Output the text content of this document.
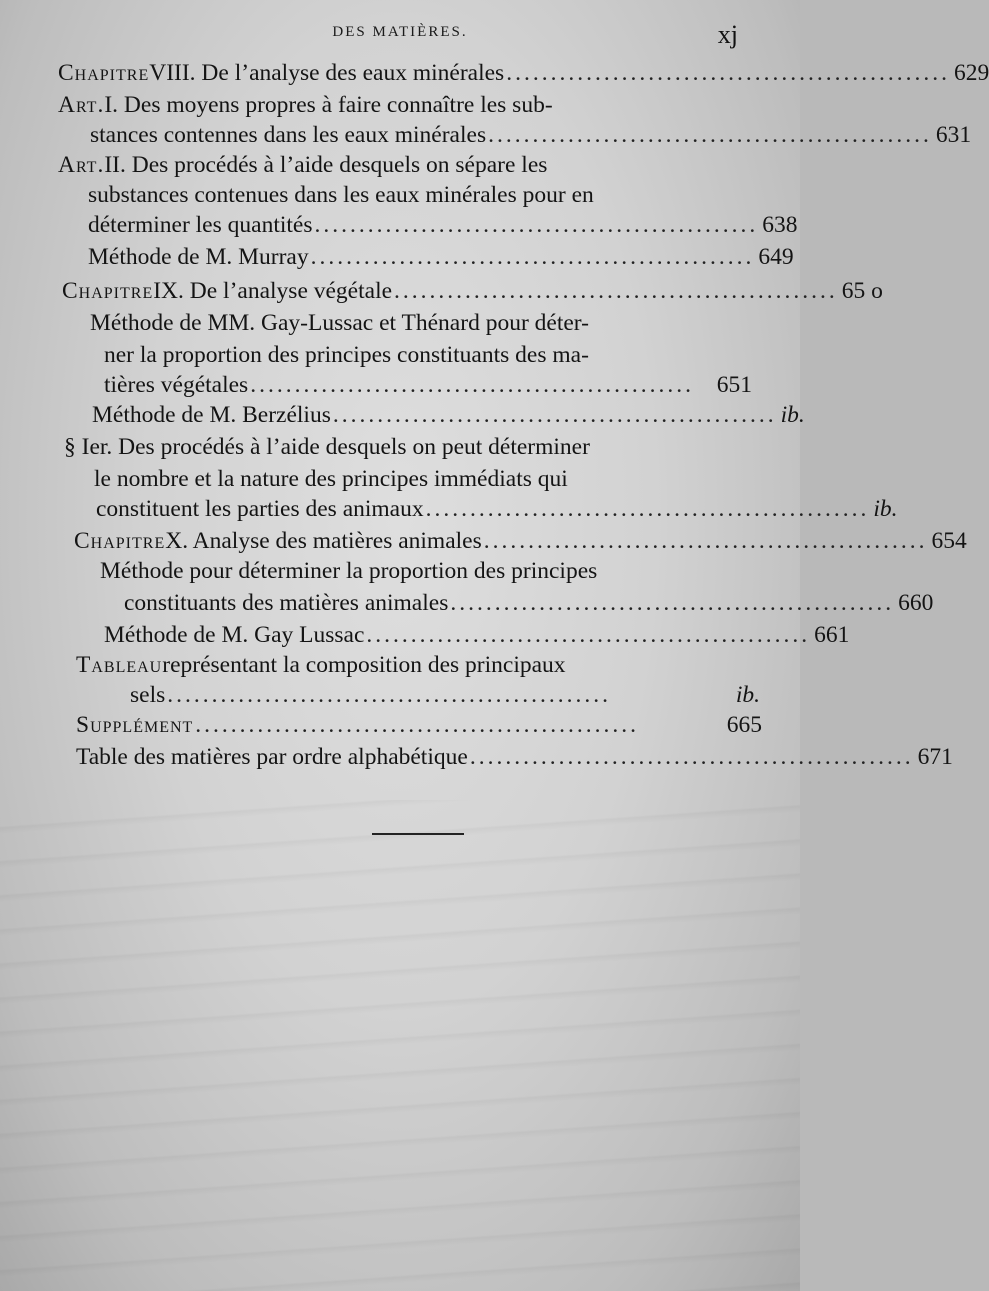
DES MATIÈRES.	xj
Chapitre VIII. De l’analyse des eaux minérales .................................................. 629
Art. I. Des moyens propres à faire connaître les sub-
stances contennes dans les eaux minérales .................................................. 631
Art. II. Des procédés à l’aide desquels on sépare les
substances contenues dans les eaux minérales pour en
déterminer les quantités .................................................. 638
Méthode de M. Murray .................................................. 649
Chapitre IX. De l’analyse végétale .................................................. 65 o
Méthode de MM. Gay-Lussac et Thénard pour déter-
ner la proportion des principes constituants des ma-
tières végétales .................................................. 651
Méthode de M. Berzélius .................................................. ib.
§ Ier. Des procédés à l’aide desquels on peut déterminer
le nombre et la nature des principes immédiats qui
constituent les parties des animaux .................................................. ib.
Chapitre X. Analyse des matières animales .................................................. 654
Méthode pour déterminer la proportion des principes
constituants des matières animales .................................................. 660
Méthode de M. Gay Lussac .................................................. 661
Tableau représentant la composition des principaux
sels ..................................................	ib.
Supplément ..................................................	665
Table des matières par ordre alphabétique .................................................. 671
